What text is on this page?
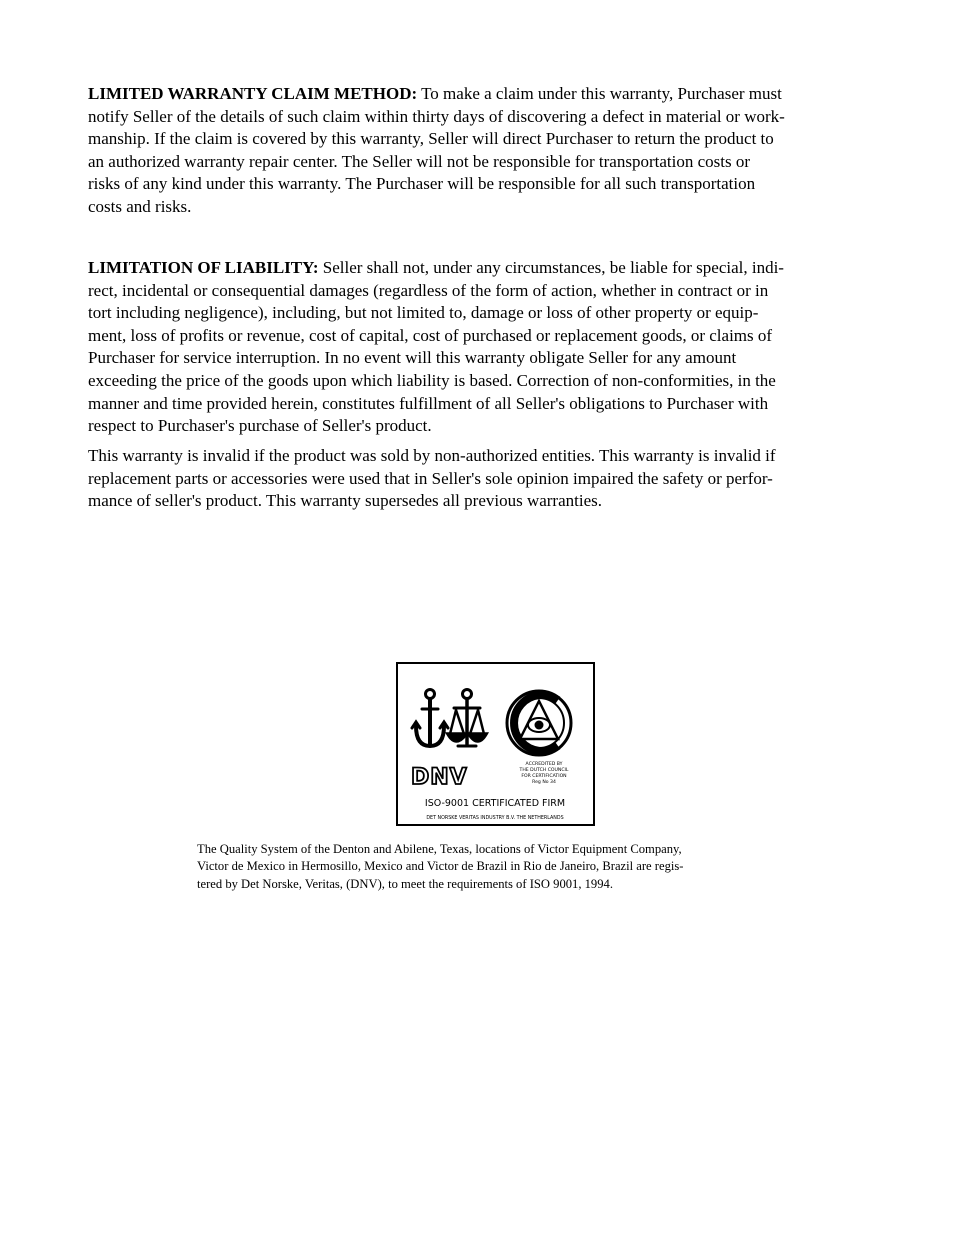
LIMITED WARRANTY CLAIM METHOD: To make a claim under this warranty, Purchaser must
notify Seller of the details of such claim within thirty days of discovering a defect in material or work-
manship. If the claim is covered by this warranty, Seller will direct Purchaser to return the product to
an authorized warranty repair center. The Seller will not be responsible for transportation costs or
risks of any kind under this warranty. The Purchaser will be responsible for all such transportation
costs and risks.

LIMITATION OF LIABILITY: Seller shall not, under any circumstances, be liable for special, indi-
rect, incidental or consequential damages (regardless of the form of action, whether in contract or in
tort including negligence), including, but not limited to, damage or loss of other property or equip-
ment, loss of profits or revenue, cost of capital, cost of purchased or replacement goods, or claims of
Purchaser for service interruption. In no event will this warranty obligate Seller for any amount
exceeding the price of the goods upon which liability is based. Correction of non-conformities, in the
manner and time provided herein, constitutes fulfillment of all Seller's obligations to Purchaser with
respect to Purchaser's purchase of Seller's product.

This warranty is invalid if the product was sold by non-authorized entities. This warranty is invalid if
replacement parts or accessories were used that in Seller's sole opinion impaired the safety or perfor-
mance of seller's product. This warranty supersedes all previous warranties.

DNV
ACCREDITED BY
THE DUTCH COUNCIL
FOR CERTIFICATION
Reg No 34
ISO-9001 CERTIFICATED FIRM
DET NORSKE VERITAS INDUSTRY B.V. THE NETHERLANDS

The Quality System of the Denton and Abilene, Texas, locations of Victor Equipment Company,
Victor de Mexico in Hermosillo, Mexico and Victor de Brazil in Rio de Janeiro, Brazil are regis-
tered by Det Norske, Veritas, (DNV), to meet the requirements of ISO 9001, 1994.
